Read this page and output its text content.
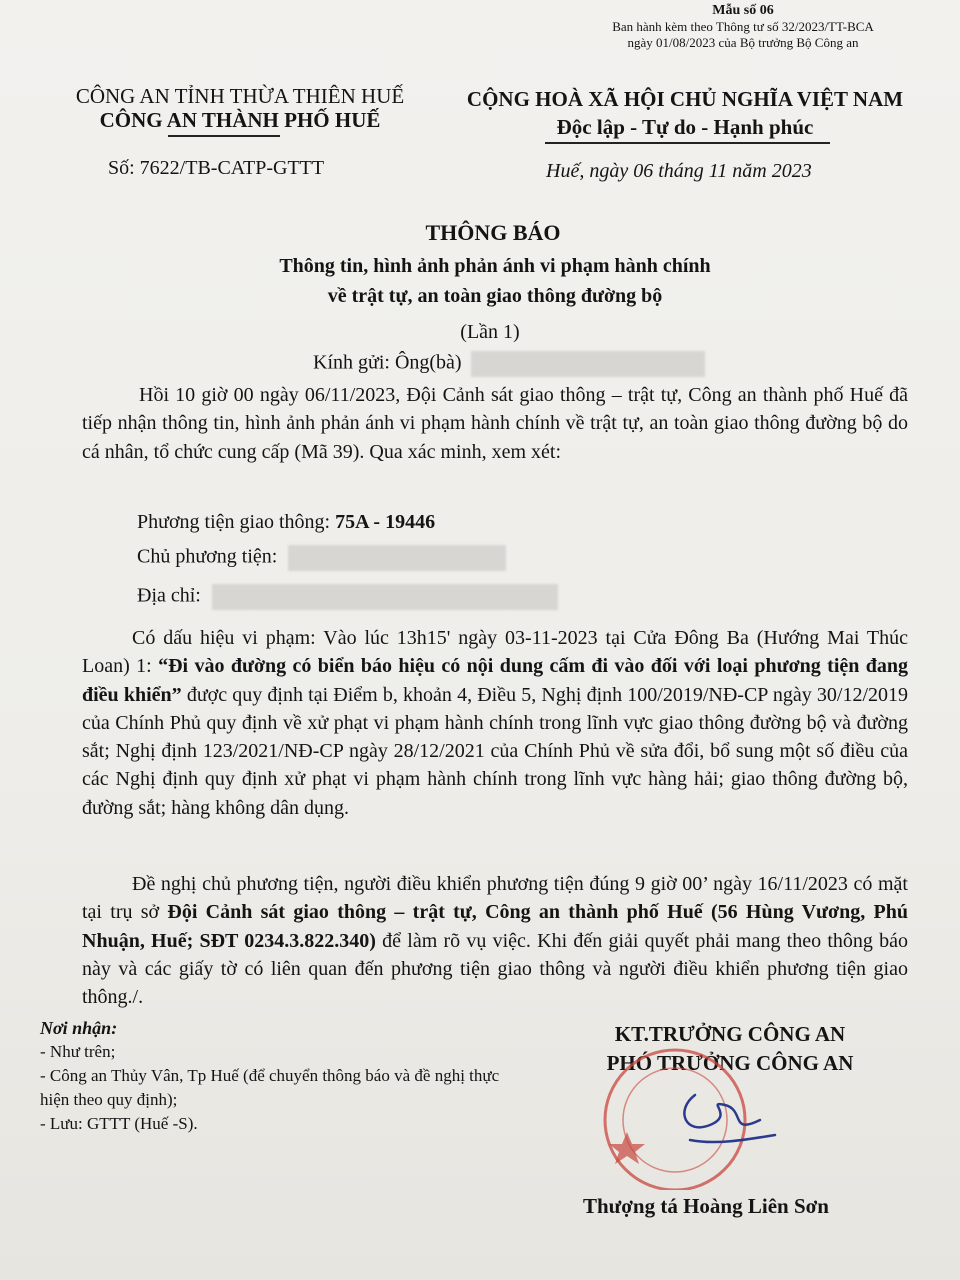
Mẫu số 06
Ban hành kèm theo Thông tư số 32/2023/TT-BCA
ngày 01/08/2023 của Bộ trưởng Bộ Công an
CÔNG AN TỈNH THỪA THIÊN HUẾ
CÔNG AN THÀNH PHỐ HUẾ
Số: 7622/TB-CATP-GTTT
CỘNG HOÀ XÃ HỘI CHỦ NGHĨA VIỆT NAM
Độc lập - Tự do - Hạnh phúc
Huế, ngày 06 tháng 11 năm 2023
THÔNG BÁO
Thông tin, hình ảnh phản ánh vi phạm hành chính
về trật tự, an toàn giao thông đường bộ
(Lần 1)
Kính gửi: Ông(bà)
Hồi 10 giờ 00 ngày 06/11/2023, Đội Cảnh sát giao thông – trật tự, Công an thành phố Huế đã tiếp nhận thông tin, hình ảnh phản ánh vi phạm hành chính về trật tự, an toàn giao thông đường bộ do cá nhân, tổ chức cung cấp (Mã 39). Qua xác minh, xem xét:
Phương tiện giao thông: 75A - 19446
Chủ phương tiện:
Địa chỉ:
Có dấu hiệu vi phạm: Vào lúc 13h15' ngày 03-11-2023 tại Cửa Đông Ba (Hướng Mai Thúc Loan) 1: “Đi vào đường có biển báo hiệu có nội dung cấm đi vào đối với loại phương tiện đang điều khiển” được quy định tại Điểm b, khoản 4, Điều 5, Nghị định 100/2019/NĐ-CP ngày 30/12/2019 của Chính Phủ quy định về xử phạt vi phạm hành chính trong lĩnh vực giao thông đường bộ và đường sắt; Nghị định 123/2021/NĐ-CP ngày 28/12/2021 của Chính Phủ về sửa đổi, bổ sung một số điều của các Nghị định quy định xử phạt vi phạm hành chính trong lĩnh vực hàng hải; giao thông đường bộ, đường sắt; hàng không dân dụng.
Đề nghị chủ phương tiện, người điều khiển phương tiện đúng 9 giờ 00’ ngày 16/11/2023 có mặt tại trụ sở Đội Cảnh sát giao thông – trật tự, Công an thành phố Huế (56 Hùng Vương, Phú Nhuận, Huế; SĐT 0234.3.822.340) để làm rõ vụ việc. Khi đến giải quyết phải mang theo thông báo này và các giấy tờ có liên quan đến phương tiện giao thông và người điều khiển phương tiện giao thông./.
Nơi nhận:
- Như trên;
- Công an Thủy Vân, Tp Huế (để chuyển thông báo và đề nghị thực hiện theo quy định);
- Lưu: GTTT (Huế -S).
KT.TRƯỞNG CÔNG AN
PHÓ TRƯỞNG CÔNG AN
Thượng tá Hoàng Liên Sơn
